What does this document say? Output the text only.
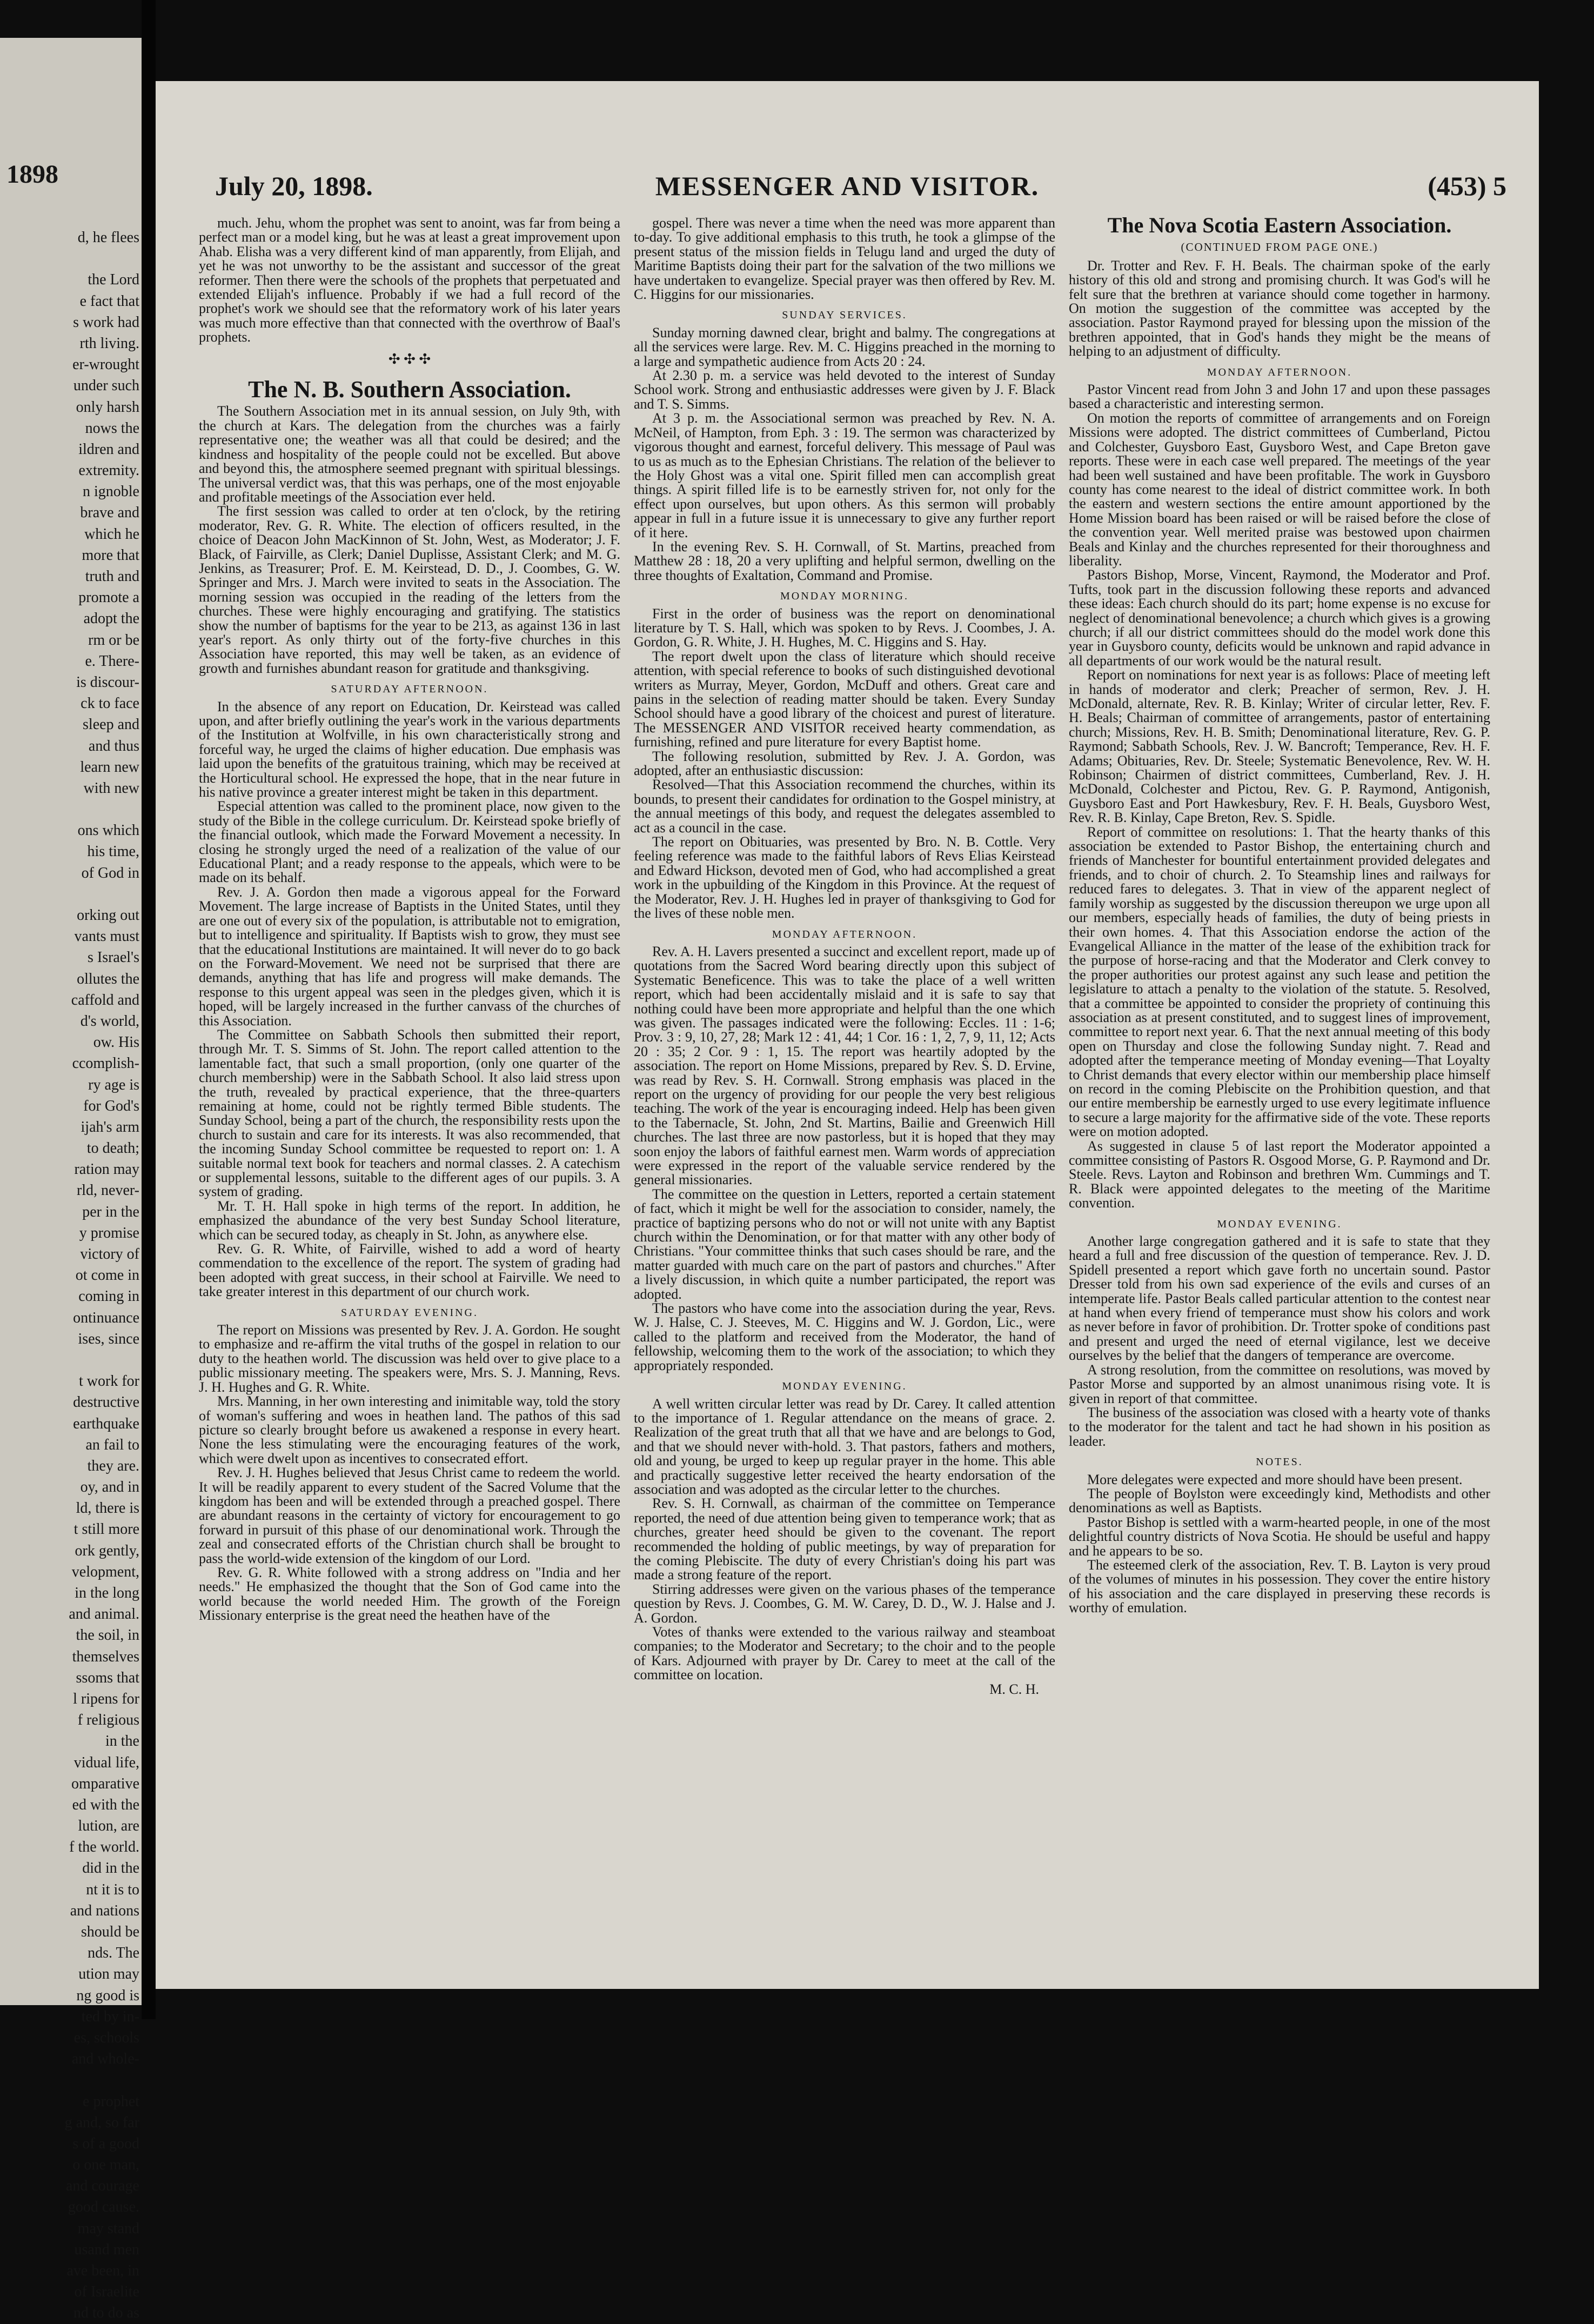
1898
d, he flees
the Lord
e fact that
s work had
rth living.
er-wrought
under such
only harsh
nows the
ildren and
extremity.
n ignoble
brave and
which he
more that
truth and
promote a
adopt the
rm or be
e. There-
is discour-
ck to face
sleep and
and thus
learn new
with new
ons which
his time,
of God in
orking out
vants must
s Israel's
ollutes the
caffold and
d's world,
ow. His
ccomplish-
ry age is
for God's
ijah's arm
to death;
ration may
rld, never-
per in the
y promise
victory of
ot come in
coming in
ontinuance
ises, since
t work for
destructive
earthquake
an fail to
they are.
oy, and in
ld, there is
t still more
ork gently,
velopment,
in the long
and animal.
the soil, in
themselves
ssoms that
l ripens for
f religious
in the
vidual life,
omparative
ed with the
lution, are
f the world.
did in the
nt it is to
and nations
should be
nds. The
ution may
ng good is
ted by in-
es, schools
and whole-
e prophet
g and, so far
s of a good
o one man,
and courage
good cause.
may stand
usand men
ave been, in
of Israelite
nd to do as
July 20, 1898.	MESSENGER AND VISITOR.	(453) 5

much. Jehu, whom the prophet was sent to anoint, was far from being a perfect man or a model king, but he was at least a great improvement upon Ahab. Elisha was a very different kind of man apparently, from Elijah, and yet he was not unworthy to be the assistant and successor of the great reformer. Then there were the schools of the prophets that perpetuated and extended Elijah's influence. Probably if we had a full record of the prophet's work we should see that the reformatory work of his later years was much more effective than that connected with the overthrow of Baal's prophets.

✣ ✣ ✣
The N. B. Southern Association.

The Southern Association met in its annual session, on July 9th, with the church at Kars. The delegation from the churches was a fairly representative one; the weather was all that could be desired; and the kindness and hospitality of the people could not be excelled. But above and beyond this, the atmosphere seemed pregnant with spiritual blessings. The universal verdict was, that this was perhaps, one of the most enjoyable and profitable meetings of the Association ever held.

The first session was called to order at ten o'clock, by the retiring moderator, Rev. G. R. White. The election of officers resulted, in the choice of Deacon John MacKinnon of St. John, West, as Moderator; J. F. Black, of Fairville, as Clerk; Daniel Duplisse, Assistant Clerk; and M. G. Jenkins, as Treasurer; Prof. E. M. Keirstead, D. D., J. Coombes, G. W. Springer and Mrs. J. March were invited to seats in the Association. The morning session was occupied in the reading of the letters from the churches. These were highly encouraging and gratifying. The statistics show the number of baptisms for the year to be 213, as against 136 in last year's report. As only thirty out of the forty-five churches in this Association have reported, this may well be taken, as an evidence of growth and furnishes abundant reason for gratitude and thanksgiving.

SATURDAY AFTERNOON.

In the absence of any report on Education, Dr. Keirstead was called upon, and after briefly outlining the year's work in the various departments of the Institution at Wolfville, in his own characteristically strong and forceful way, he urged the claims of higher education. Due emphasis was laid upon the benefits of the gratuitous training, which may be received at the Horticultural school. He expressed the hope, that in the near future in his native province a greater interest might be taken in this department.

Especial attention was called to the prominent place, now given to the study of the Bible in the college curriculum. Dr. Keirstead spoke briefly of the financial outlook, which made the Forward Movement a necessity. In closing he strongly urged the need of a realization of the value of our Educational Plant; and a ready response to the appeals, which were to be made on its behalf.

Rev. J. A. Gordon then made a vigorous appeal for the Forward Movement. The large increase of Baptists in the United States, until they are one out of every six of the population, is attributable not to emigration, but to intelligence and spirituality. If Baptists wish to grow, they must see that the educational Institutions are maintained. It will never do to go back on the Forward-Movement. We need not be surprised that there are demands, anything that has life and progress will make demands. The response to this urgent appeal was seen in the pledges given, which it is hoped, will be largely increased in the further canvass of the churches of this Association.

The Committee on Sabbath Schools then submitted their report, through Mr. T. S. Simms of St. John. The report called attention to the lamentable fact, that such a small proportion, (only one quarter of the church membership) were in the Sabbath School. It also laid stress upon the truth, revealed by practical experience, that the three-quarters remaining at home, could not be rightly termed Bible students. The Sunday School, being a part of the church, the responsibility rests upon the church to sustain and care for its interests. It was also recommended, that the incoming Sunday School committee be requested to report on: 1. A suitable normal text book for teachers and normal classes. 2. A catechism or supplemental lessons, suitable to the different ages of our pupils. 3. A system of grading.

Mr. T. H. Hall spoke in high terms of the report. In addition, he emphasized the abundance of the very best Sunday School literature, which can be secured today, as cheaply in St. John, as anywhere else.

Rev. G. R. White, of Fairville, wished to add a word of hearty commendation to the excellence of the report. The system of grading had been adopted with great success, in their school at Fairville. We need to take greater interest in this department of our church work.

SATURDAY EVENING.

The report on Missions was presented by Rev. J. A. Gordon. He sought to emphasize and re-affirm the vital truths of the gospel in relation to our duty to the heathen world. The discussion was held over to give place to a public missionary meeting. The speakers were, Mrs. S. J. Manning, Revs. J. H. Hughes and G. R. White.

Mrs. Manning, in her own interesting and inimitable way, told the story of woman's suffering and woes in heathen land. The pathos of this sad picture so clearly brought before us awakened a response in every heart. None the less stimulating were the encouraging features of the work, which were dwelt upon as incentives to consecrated effort.

Rev. J. H. Hughes believed that Jesus Christ came to redeem the world. It will be readily apparent to every student of the Sacred Volume that the kingdom has been and will be extended through a preached gospel. There are abundant reasons in the certainty of victory for encouragement to go forward in pursuit of this phase of our denominational work. Through the zeal and consecrated efforts of the Christian church shall be brought to pass the world-wide extension of the kingdom of our Lord.

Rev. G. R. White followed with a strong address on "India and her needs." He emphasized the thought that the Son of God came into the world because the world needed Him. The growth of the Foreign Missionary enterprise is the great need the heathen have of the

gospel. There was never a time when the need was more apparent than to-day. To give additional emphasis to this truth, he took a glimpse of the present status of the mission fields in Telugu land and urged the duty of Maritime Baptists doing their part for the salvation of the two millions we have undertaken to evangelize. Special prayer was then offered by Rev. M. C. Higgins for our missionaries.

SUNDAY SERVICES.

Sunday morning dawned clear, bright and balmy. The congregations at all the services were large. Rev. M. C. Higgins preached in the morning to a large and sympathetic audience from Acts 20 : 24.

At 2.30 p. m. a service was held devoted to the interest of Sunday School work. Strong and enthusiastic addresses were given by J. F. Black and T. S. Simms.

At 3 p. m. the Associational sermon was preached by Rev. N. A. McNeil, of Hampton, from Eph. 3 : 19. The sermon was characterized by vigorous thought and earnest, forceful delivery. This message of Paul was to us as much as to the Ephesian Christians. The relation of the believer to the Holy Ghost was a vital one. Spirit filled men can accomplish great things. A spirit filled life is to be earnestly striven for, not only for the effect upon ourselves, but upon others. As this sermon will probably appear in full in a future issue it is unnecessary to give any further report of it here.

In the evening Rev. S. H. Cornwall, of St. Martins, preached from Matthew 28 : 18, 20 a very uplifting and helpful sermon, dwelling on the three thoughts of Exaltation, Command and Promise.

MONDAY MORNING.

First in the order of business was the report on denominational literature by T. S. Hall, which was spoken to by Revs. J. Coombes, J. A. Gordon, G. R. White, J. H. Hughes, M. C. Higgins and S. Hay.

The report dwelt upon the class of literature which should receive attention, with special reference to books of such distinguished devotional writers as Murray, Meyer, Gordon, McDuff and others. Great care and pains in the selection of reading matter should be taken. Every Sunday School should have a good library of the choicest and purest of literature. The MESSENGER AND VISITOR received hearty commendation, as furnishing, refined and pure literature for every Baptist home.

The following resolution, submitted by Rev. J. A. Gordon, was adopted, after an enthusiastic discussion:

Resolved—That this Association recommend the churches, within its bounds, to present their candidates for ordination to the Gospel ministry, at the annual meetings of this body, and request the delegates assembled to act as a council in the case.

The report on Obituaries, was presented by Bro. N. B. Cottle. Very feeling reference was made to the faithful labors of Revs Elias Keirstead and Edward Hickson, devoted men of God, who had accomplished a great work in the upbuilding of the Kingdom in this Province. At the request of the Moderator, Rev. J. H. Hughes led in prayer of thanksgiving to God for the lives of these noble men.

MONDAY AFTERNOON.

Rev. A. H. Lavers presented a succinct and excellent report, made up of quotations from the Sacred Word bearing directly upon this subject of Systematic Beneficence. This was to take the place of a well written report, which had been accidentally mislaid and it is safe to say that nothing could have been more appropriate and helpful than the one which was given. The passages indicated were the following: Eccles. 11 : 1-6; Prov. 3 : 9, 10, 27, 28; Mark 12 : 41, 44; 1 Cor. 16 : 1, 2, 7, 9, 11, 12; Acts 20 : 35; 2 Cor. 9 : 1, 15. The report was heartily adopted by the association. The report on Home Missions, prepared by Rev. S. D. Ervine, was read by Rev. S. H. Cornwall. Strong emphasis was placed in the report on the urgency of providing for our people the very best religious teaching. The work of the year is encouraging indeed. Help has been given to the Tabernacle, St. John, 2nd St. Martins, Bailie and Greenwich Hill churches. The last three are now pastorless, but it is hoped that they may soon enjoy the labors of faithful earnest men. Warm words of appreciation were expressed in the report of the valuable service rendered by the general missionaries.

The committee on the question in Letters, reported a certain statement of fact, which it might be well for the association to consider, namely, the practice of baptizing persons who do not or will not unite with any Baptist church within the Denomination, or for that matter with any other body of Christians. "Your committee thinks that such cases should be rare, and the matter guarded with much care on the part of pastors and churches." After a lively discussion, in which quite a number participated, the report was adopted.

The pastors who have come into the association during the year, Revs. W. J. Halse, C. J. Steeves, M. C. Higgins and W. J. Gordon, Lic., were called to the platform and received from the Moderator, the hand of fellowship, welcoming them to the work of the association; to which they appropriately responded.

MONDAY EVENING.

A well written circular letter was read by Dr. Carey. It called attention to the importance of 1. Regular attendance on the means of grace. 2. Realization of the great truth that all that we have and are belongs to God, and that we should never with-hold. 3. That pastors, fathers and mothers, old and young, be urged to keep up regular prayer in the home. This able and practically suggestive letter received the hearty endorsation of the association and was adopted as the circular letter to the churches.

Rev. S. H. Cornwall, as chairman of the committee on Temperance reported, the need of due attention being given to temperance work; that as churches, greater heed should be given to the covenant. The report recommended the holding of public meetings, by way of preparation for the coming Plebiscite. The duty of every Christian's doing his part was made a strong feature of the report.

Stirring addresses were given on the various phases of the temperance question by Revs. J. Coombes, G. M. W. Carey, D. D., W. J. Halse and J. A. Gordon.

Votes of thanks were extended to the various railway and steamboat companies; to the Moderator and Secretary; to the choir and to the people of Kars. Adjourned with prayer by Dr. Carey to meet at the call of the committee on location.

M. C. H.
The Nova Scotia Eastern Association.
(CONTINUED FROM PAGE ONE.)

Dr. Trotter and Rev. F. H. Beals. The chairman spoke of the early history of this old and strong and promising church. It was God's will he felt sure that the brethren at variance should come together in harmony. On motion the suggestion of the committee was accepted by the association. Pastor Raymond prayed for blessing upon the mission of the brethren appointed, that in God's hands they might be the means of helping to an adjustment of difficulty.

MONDAY AFTERNOON.

Pastor Vincent read from John 3 and John 17 and upon these passages based a characteristic and interesting sermon.

On motion the reports of committee of arrangements and on Foreign Missions were adopted. The district committees of Cumberland, Pictou and Colchester, Guysboro East, Guysboro West, and Cape Breton gave reports. These were in each case well prepared. The meetings of the year had been well sustained and have been profitable. The work in Guysboro county has come nearest to the ideal of district committee work. In both the eastern and western sections the entire amount apportioned by the Home Mission board has been raised or will be raised before the close of the convention year. Well merited praise was bestowed upon chairmen Beals and Kinlay and the churches represented for their thoroughness and liberality.

Pastors Bishop, Morse, Vincent, Raymond, the Moderator and Prof. Tufts, took part in the discussion following these reports and advanced these ideas: Each church should do its part; home expense is no excuse for neglect of denominational benevolence; a church which gives is a growing church; if all our district committees should do the model work done this year in Guysboro county, deficits would be unknown and rapid advance in all departments of our work would be the natural result.

Report on nominations for next year is as follows: Place of meeting left in hands of moderator and clerk; Preacher of sermon, Rev. J. H. McDonald, alternate, Rev. R. B. Kinlay; Writer of circular letter, Rev. F. H. Beals; Chairman of committee of arrangements, pastor of entertaining church; Missions, Rev. H. B. Smith; Denominational literature, Rev. G. P. Raymond; Sabbath Schools, Rev. J. W. Bancroft; Temperance, Rev. H. F. Adams; Obituaries, Rev. Dr. Steele; Systematic Benevolence, Rev. W. H. Robinson; Chairmen of district committees, Cumberland, Rev. J. H. McDonald, Colchester and Pictou, Rev. G. P. Raymond, Antigonish, Guysboro East and Port Hawkesbury, Rev. F. H. Beals, Guysboro West, Rev. R. B. Kinlay, Cape Breton, Rev. S. Spidle.

Report of committee on resolutions: 1. That the hearty thanks of this association be extended to Pastor Bishop, the entertaining church and friends of Manchester for bountiful entertainment provided delegates and friends, and to choir of church. 2. To Steamship lines and railways for reduced fares to delegates. 3. That in view of the apparent neglect of family worship as suggested by the discussion thereupon we urge upon all our members, especially heads of families, the duty of being priests in their own homes. 4. That this Association endorse the action of the Evangelical Alliance in the matter of the lease of the exhibition track for the purpose of horse-racing and that the Moderator and Clerk convey to the proper authorities our protest against any such lease and petition the legislature to attach a penalty to the violation of the statute. 5. Resolved, that a committee be appointed to consider the propriety of continuing this association as at present constituted, and to suggest lines of improvement, committee to report next year. 6. That the next annual meeting of this body open on Thursday and close the following Sunday night. 7. Read and adopted after the temperance meeting of Monday evening—That Loyalty to Christ demands that every elector within our membership place himself on record in the coming Plebiscite on the Prohibition question, and that our entire membership be earnestly urged to use every legitimate influence to secure a large majority for the affirmative side of the vote. These reports were on motion adopted.

As suggested in clause 5 of last report the Moderator appointed a committee consisting of Pastors R. Osgood Morse, G. P. Raymond and Dr. Steele. Revs. Layton and Robinson and brethren Wm. Cummings and T. R. Black were appointed delegates to the meeting of the Maritime convention.

MONDAY EVENING.

Another large congregation gathered and it is safe to state that they heard a full and free discussion of the question of temperance. Rev. J. D. Spidell presented a report which gave forth no uncertain sound. Pastor Dresser told from his own sad experience of the evils and curses of an intemperate life. Pastor Beals called particular attention to the contest near at hand when every friend of temperance must show his colors and work as never before in favor of prohibition. Dr. Trotter spoke of conditions past and present and urged the need of eternal vigilance, lest we deceive ourselves by the belief that the dangers of temperance are overcome.

A strong resolution, from the committee on resolutions, was moved by Pastor Morse and supported by an almost unanimous rising vote. It is given in report of that committee.

The business of the association was closed with a hearty vote of thanks to the moderator for the talent and tact he had shown in his position as leader.

NOTES.

More delegates were expected and more should have been present.

The people of Boylston were exceedingly kind, Methodists and other denominations as well as Baptists.

Pastor Bishop is settled with a warm-hearted people, in one of the most delightful country districts of Nova Scotia. He should be useful and happy and he appears to be so.

The esteemed clerk of the association, Rev. T. B. Layton is very proud of the volumes of minutes in his possession. They cover the entire history of his association and the care displayed in preserving these records is worthy of emulation.
